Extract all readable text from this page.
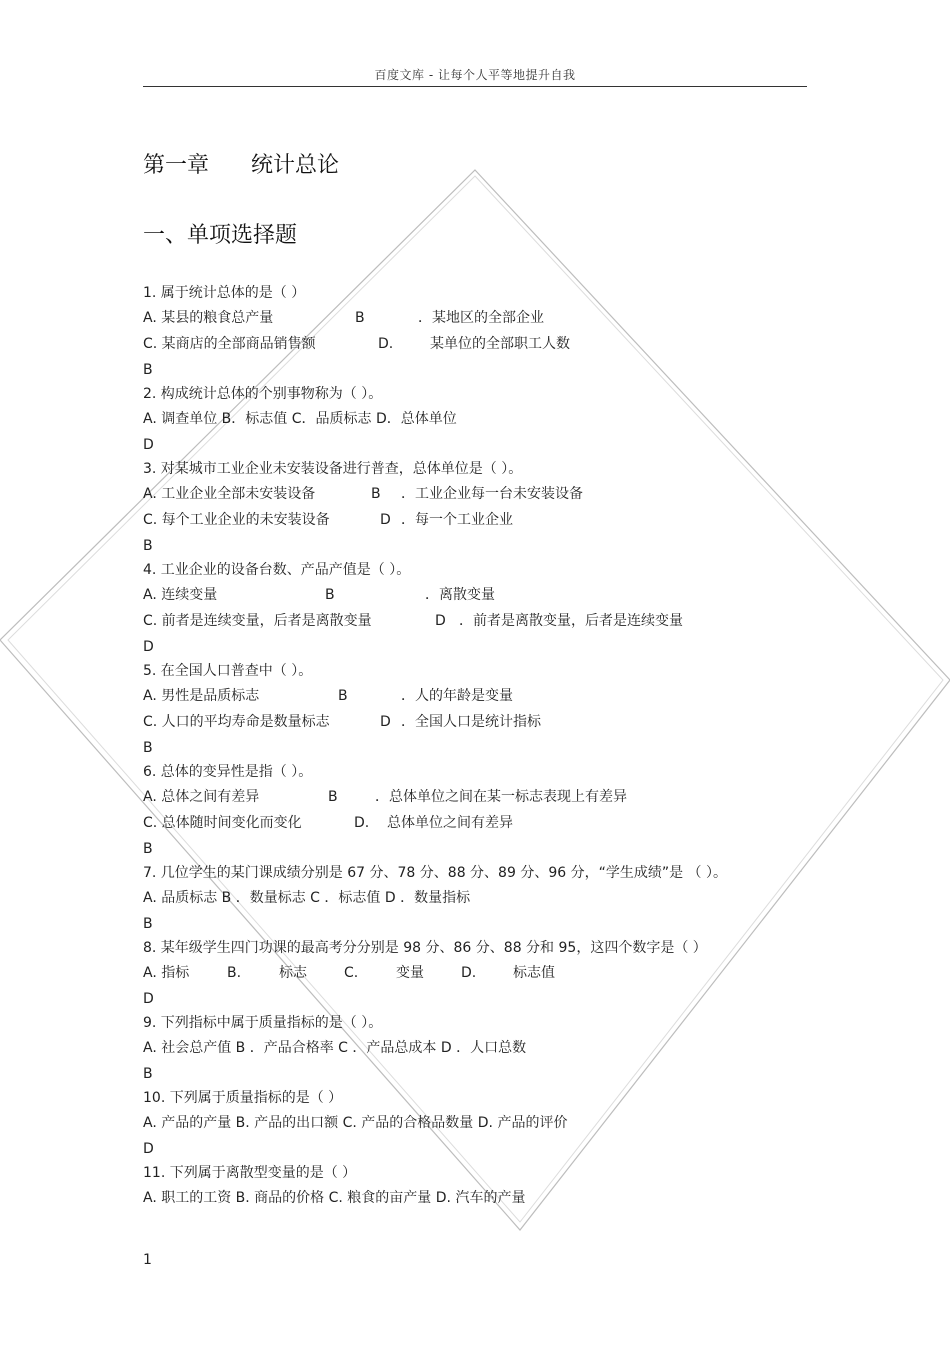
百度文库 - 让每个人平等地提升自我
第一章      统计总论
一、单项选择题
1. 属于统计总体的是（ ）
A. 某县的粮食总产量	B	．某地区的全部企业
C. 某商店的全部商品销售额	D.	某单位的全部职工人数
B
2. 构成统计总体的个别事物称为（ ）。
A. 调查单位 B．标志值 C．品质标志 D．总体单位
D
3. 对某城市工业企业未安装设备进行普查，总体单位是（ ）。
A. 工业企业全部未安装设备	B ．工业企业每一台未安装设备
C. 每个工业企业的未安装设备	D ．每一个工业企业
B
4. 工业企业的设备台数、产品产值是（ ）。
A. 连续变量	B	．离散变量
C. 前者是连续变量，后者是离散变量	D ．前者是离散变量，后者是连续变量
D
5. 在全国人口普查中（ ）。
A. 男性是品质标志	B	．人的年龄是变量
C. 人口的平均寿命是数量标志	D ．全国人口是统计指标
B
6. 总体的变异性是指（ ）。
A. 总体之间有差异	B	．总体单位之间在某一标志表现上有差异
C. 总体随时间变化而变化	D. 总体单位之间有差异
B
7. 几位学生的某门课成绩分别是 67 分、78 分、88 分、89 分、96 分，“学生成绩”是 （ ）。
A. 品质标志 B ．数量标志 C ．标志值 D ．数量指标
B
8. 某年级学生四门功课的最高考分分别是 98 分、86 分、88 分和 95，这四个数字是（ ）
A. 指标	B.	标志	C.	变量	D.	标志值
D
9. 下列指标中属于质量指标的是（ ）。
A. 社会总产值 B ．产品合格率 C ．产品总成本 D ．人口总数
B
10. 下列属于质量指标的是（ ）
A. 产品的产量 B. 产品的出口额 C. 产品的合格品数量 D. 产品的评价
D
11. 下列属于离散型变量的是（ ）
A. 职工的工资 B. 商品的价格 C. 粮食的亩产量 D. 汽车的产量
1
